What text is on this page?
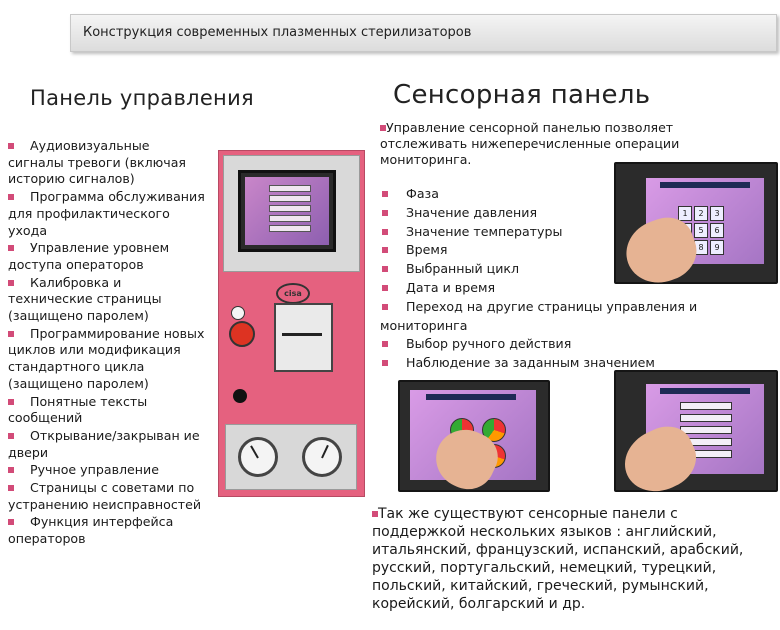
Конструкция современных плазменных стерилизаторов
Панель управления	Сенсорная панель
Аудиовизуальные сигналы тревоги (включая историю сигналов)
Программа обслуживания для профилактического ухода
Управление уровнем доступа операторов
Калибровка и технические страницы (защищено паролем)
Программирование новых циклов или модификация стандартного цикла (защищено паролем)
Понятные тексты сообщений
Открывание/закрыван ие двери
Ручное управление
Страницы с советами по устранению неисправностей
Функция интерфейса операторов
cisa
Управление сенсорной панелью позволяет отслеживать нижеперечисленные операции мониторинга.
Фаза
Значение давления
Значение температуры
Время
Выбранный цикл
Дата и время
Переход на другие страницы управления и мониторинга
Выбор ручного действия
Наблюдение за заданным значением
1	2	3
5	6
8	9
Так же существуют сенсорные панели с поддержкой нескольких языков : английский, итальянский, французский, испанский, арабский, русский, португальский, немецкий, турецкий, польский, китайский, греческий, румынский, корейский, болгарский и др.
